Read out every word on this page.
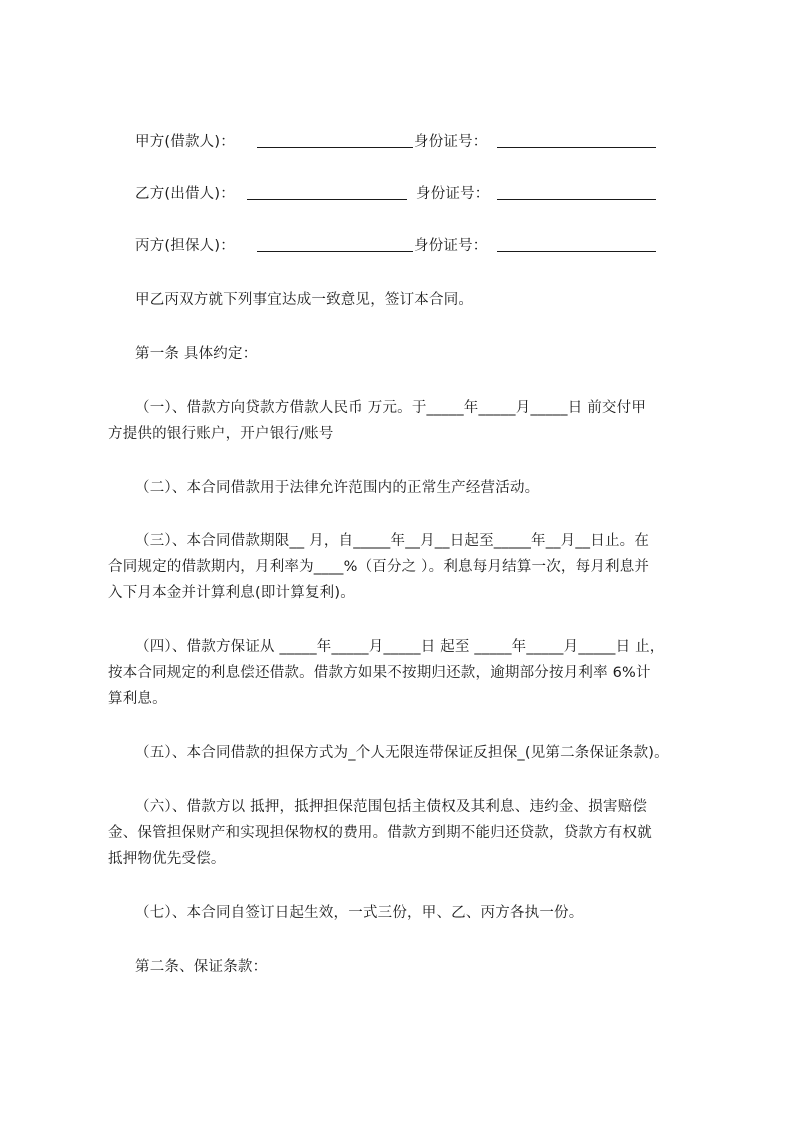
甲方(借款人)：	身份证号：
乙方(出借人)：	身份证号：
丙方(担保人)：	身份证号：
甲乙丙双方就下列事宜达成一致意见，签订本合同。
第一条 具体约定：
（一）、借款方向贷款方借款人民币 万元。于_____年_____月_____日 前交付甲
方提供的银行账户，开户银行/账号
（二）、本合同借款用于法律允许范围内的正常生产经营活动。
（三）、本合同借款期限__ 月，自_____年__月__日起至_____年__月__日止。在
合同规定的借款期内，月利率为____%（百分之 ）。利息每月结算一次，每月利息并
入下月本金并计算利息(即计算复利)。
（四）、借款方保证从 _____年_____月_____日 起至 _____年_____月_____日 止，
按本合同规定的利息偿还借款。借款方如果不按期归还款，逾期部分按月利率 6%计
算利息。
（五）、本合同借款的担保方式为_个人无限连带保证反担保_(见第二条保证条款)。
（六）、借款方以 抵押，抵押担保范围包括主债权及其利息、违约金、损害赔偿
金、保管担保财产和实现担保物权的费用。借款方到期不能归还贷款，贷款方有权就
抵押物优先受偿。
（七）、本合同自签订日起生效，一式三份，甲、乙、丙方各执一份。
第二条、保证条款：
